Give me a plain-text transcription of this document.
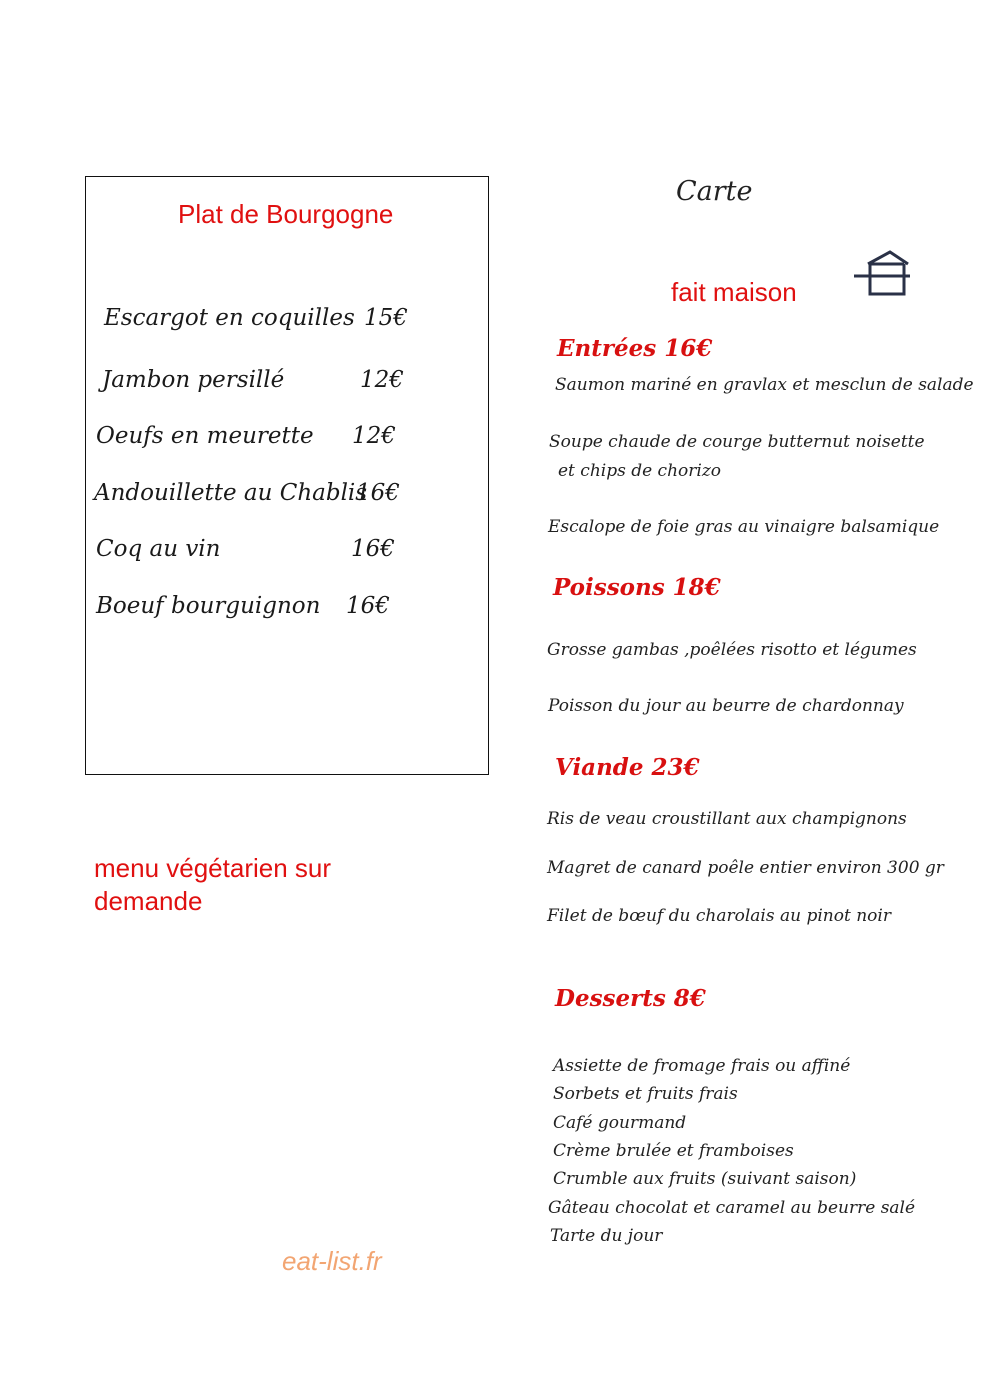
Plat de Bourgogne
Escargot en coquilles 15€
Jambon persillé	12€
Oeufs en meurette 12€
Andouillette au Chablis
16€
Coq au vin	16€
Boeuf bourguignon 16€
menu végétarien sur demande
eat-list.fr
Carte
fait maison
Entrées 16€
Saumon mariné en gravlax et mesclun de salade
Soupe chaude de courge butternut noisette
et chips de chorizo
Escalope de foie gras au vinaigre balsamique
Poissons 18€
Grosse gambas ,poêlées risotto et légumes
Poisson du jour au beurre de chardonnay
Viande 23€
Ris de veau croustillant aux champignons
Magret de canard poêle entier environ 300 gr
Filet de bœuf du charolais au pinot noir
Desserts 8€
Assiette de fromage frais ou affiné
Sorbets et fruits frais
Café gourmand
Crème brulée et framboises
Crumble aux fruits (suivant saison)
Gâteau chocolat et caramel au beurre salé
Tarte du jour
